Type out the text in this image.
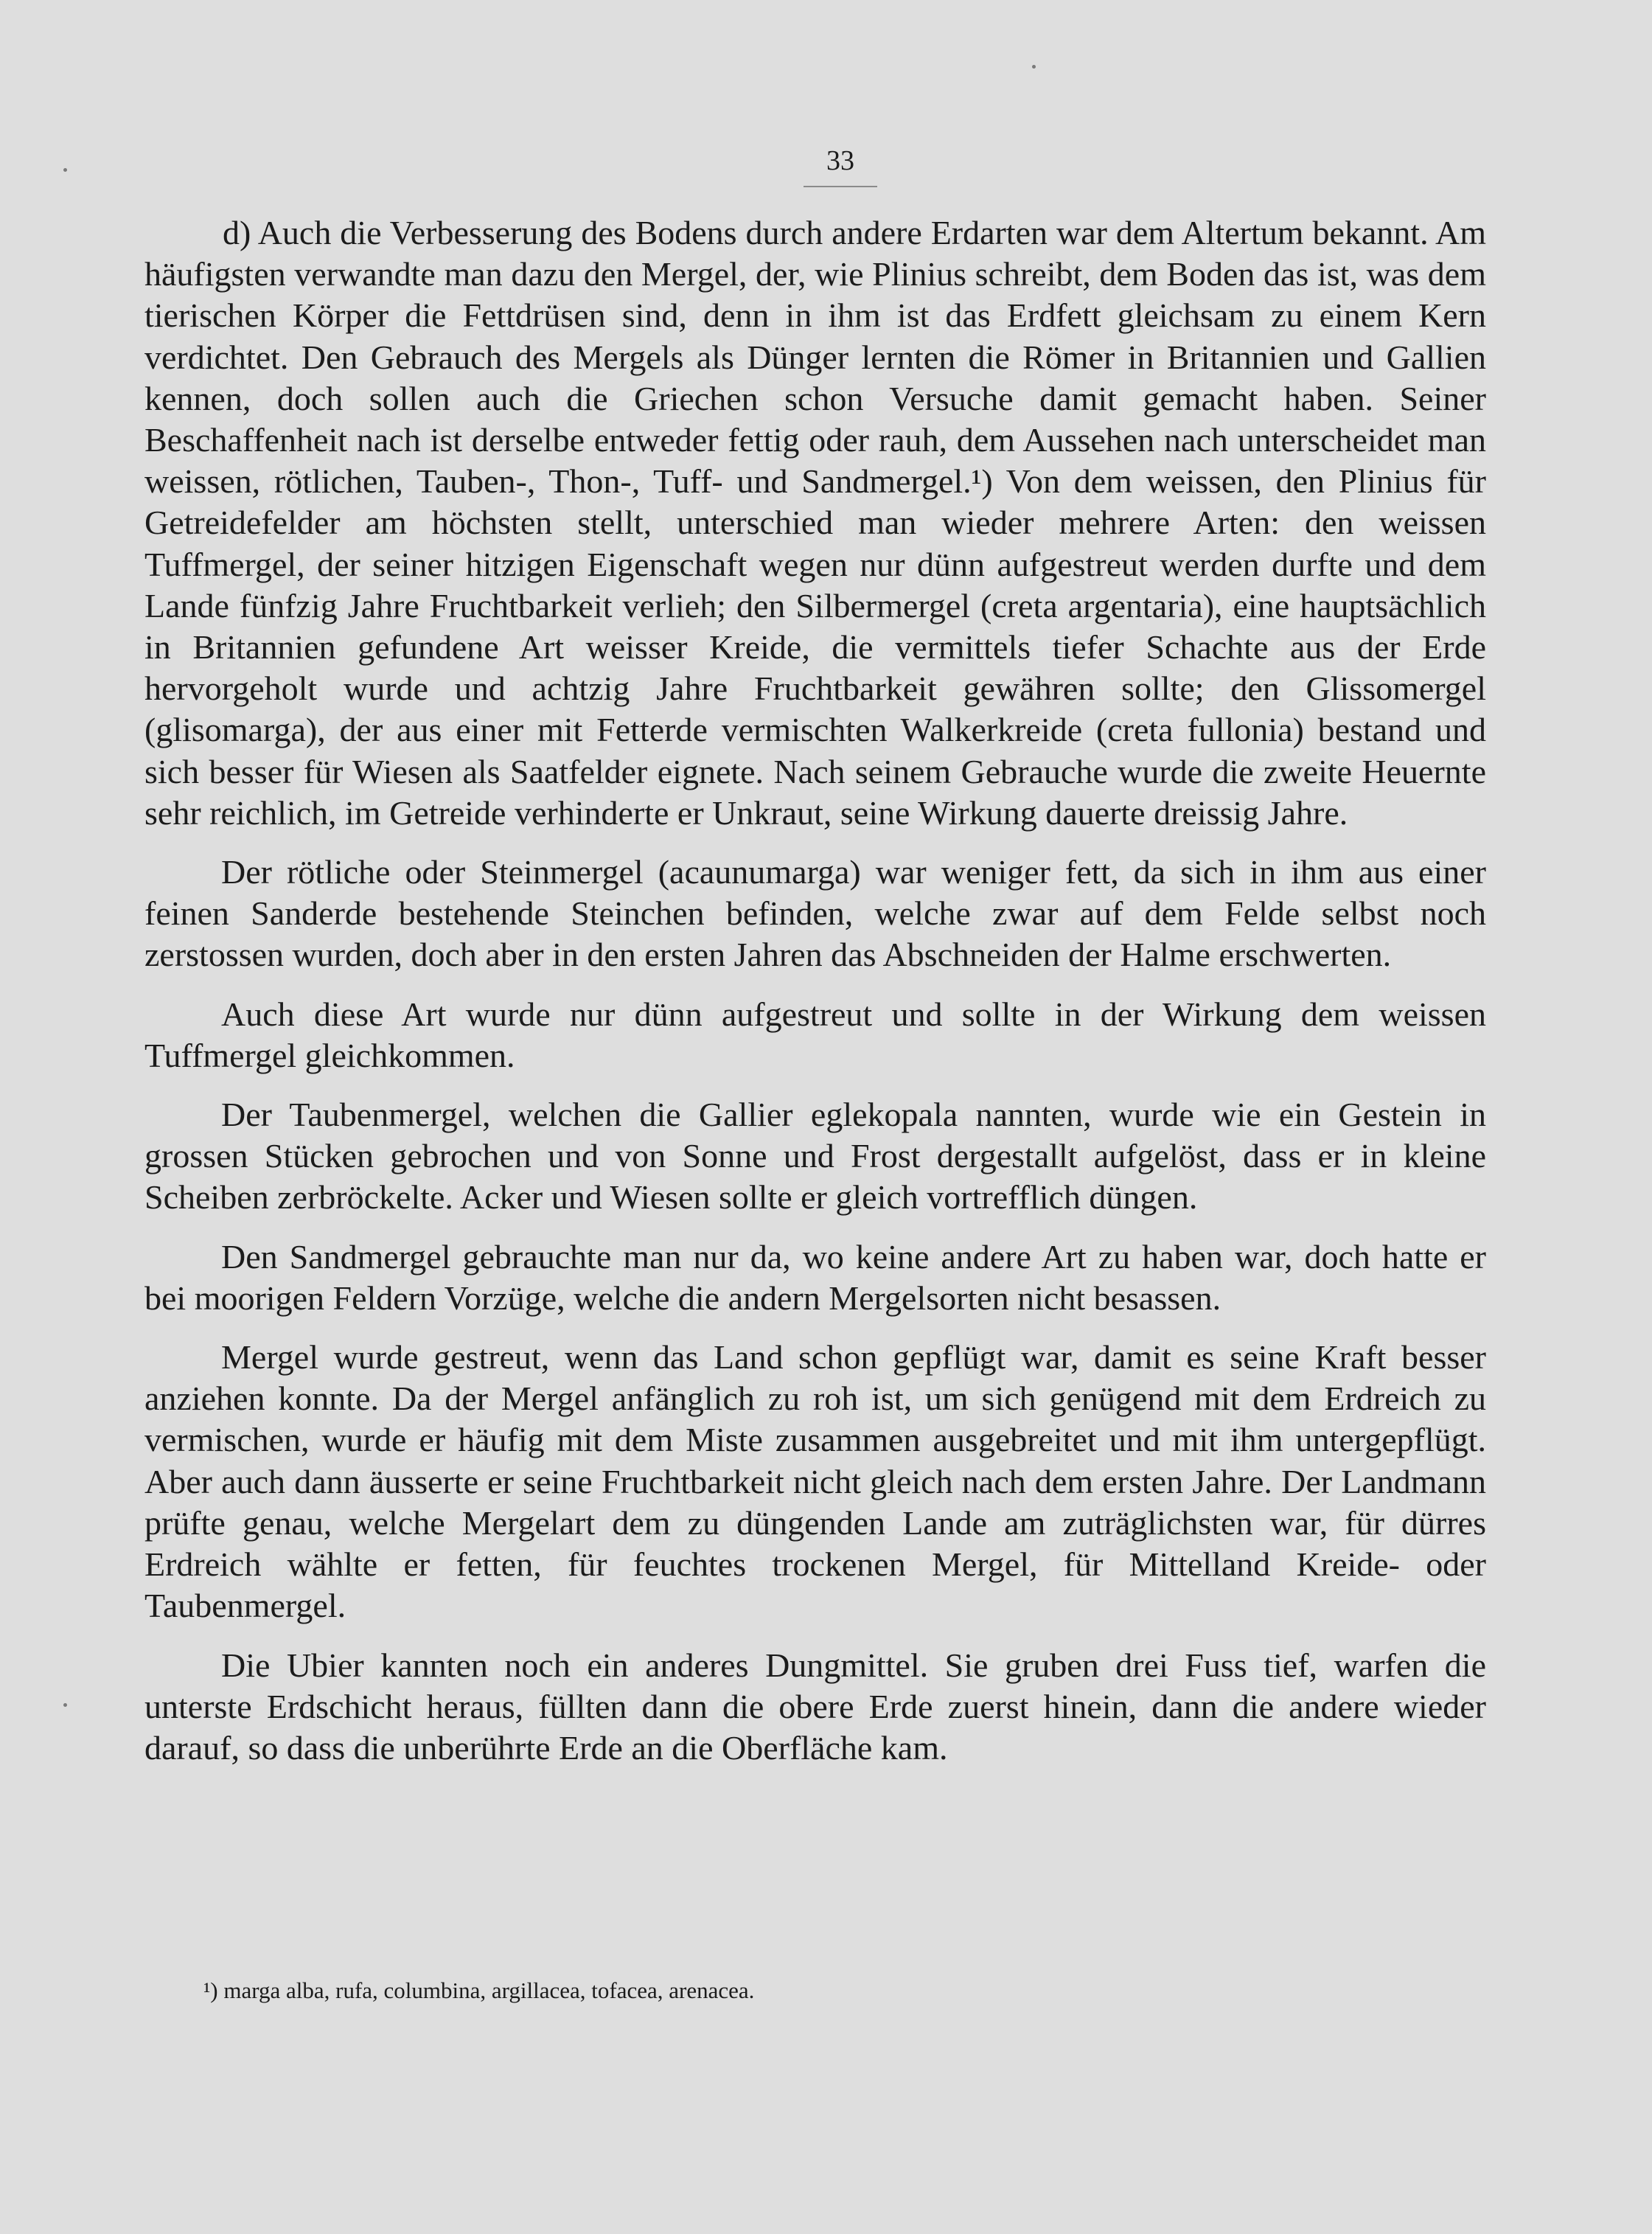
33

d) Auch die Verbesserung des Bodens durch andere Erdarten war dem Altertum bekannt. Am häufigsten verwandte man dazu den Mergel, der, wie Plinius schreibt, dem Boden das ist, was dem tierischen Körper die Fettdrüsen sind, denn in ihm ist das Erdfett gleichsam zu einem Kern verdichtet. Den Gebrauch des Mergels als Dünger lernten die Römer in Britannien und Gallien kennen, doch sollen auch die Griechen schon Versuche damit gemacht haben. Seiner Beschaffenheit nach ist derselbe entweder fettig oder rauh, dem Aussehen nach unterscheidet man weissen, rötlichen, Tauben-, Thon-, Tuff- und Sandmergel.¹) Von dem weissen, den Plinius für Getreidefelder am höchsten stellt, unterschied man wieder mehrere Arten: den weissen Tuffmergel, der seiner hitzigen Eigenschaft wegen nur dünn aufgestreut werden durfte und dem Lande fünfzig Jahre Fruchtbarkeit verlieh; den Silbermergel (creta argentaria), eine hauptsächlich in Britannien gefundene Art weisser Kreide, die vermittels tiefer Schachte aus der Erde hervorgeholt wurde und achtzig Jahre Fruchtbarkeit gewähren sollte; den Glissomergel (glisomarga), der aus einer mit Fetterde vermischten Walkerkreide (creta fullonia) bestand und sich besser für Wiesen als Saatfelder eignete. Nach seinem Gebrauche wurde die zweite Heuernte sehr reichlich, im Getreide verhinderte er Unkraut, seine Wirkung dauerte dreissig Jahre.

Der rötliche oder Steinmergel (acaunumarga) war weniger fett, da sich in ihm aus einer feinen Sanderde bestehende Steinchen befinden, welche zwar auf dem Felde selbst noch zerstossen wurden, doch aber in den ersten Jahren das Abschneiden der Halme erschwerten.

Auch diese Art wurde nur dünn aufgestreut und sollte in der Wirkung dem weissen Tuffmergel gleichkommen.

Der Taubenmergel, welchen die Gallier eglekopala nannten, wurde wie ein Gestein in grossen Stücken gebrochen und von Sonne und Frost dergestallt aufgelöst, dass er in kleine Scheiben zerbröckelte. Acker und Wiesen sollte er gleich vortrefflich düngen.

Den Sandmergel gebrauchte man nur da, wo keine andere Art zu haben war, doch hatte er bei moorigen Feldern Vorzüge, welche die andern Mergelsorten nicht besassen.

Mergel wurde gestreut, wenn das Land schon gepflügt war, damit es seine Kraft besser anziehen konnte. Da der Mergel anfänglich zu roh ist, um sich genügend mit dem Erdreich zu vermischen, wurde er häufig mit dem Miste zusammen ausgebreitet und mit ihm untergepflügt. Aber auch dann äusserte er seine Fruchtbarkeit nicht gleich nach dem ersten Jahre. Der Landmann prüfte genau, welche Mergelart dem zu düngenden Lande am zuträglichsten war, für dürres Erdreich wählte er fetten, für feuchtes trockenen Mergel, für Mittelland Kreide- oder Taubenmergel.

Die Ubier kannten noch ein anderes Dungmittel. Sie gruben drei Fuss tief, warfen die unterste Erdschicht heraus, füllten dann die obere Erde zuerst hinein, dann die andere wieder darauf, so dass die unberührte Erde an die Oberfläche kam.

¹) marga alba, rufa, columbina, argillacea, tofacea, arenacea.
